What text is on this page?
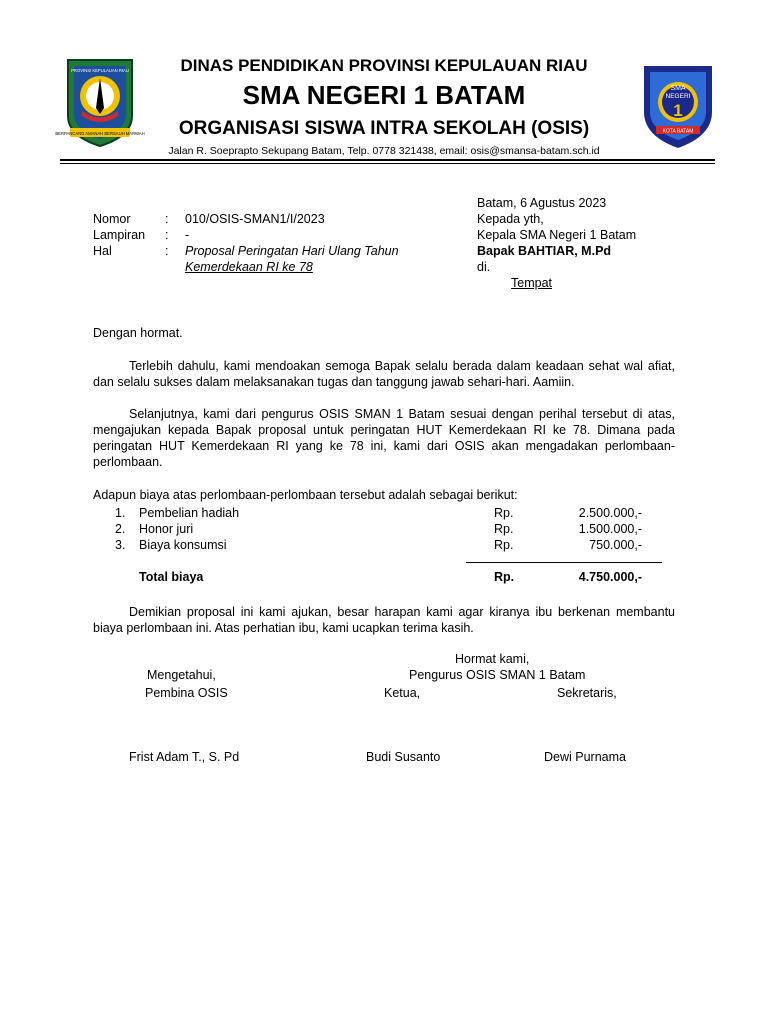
BERPANCANG AMANAH BERSAUH MARWAH
PROVINSI KEPULAUAN RIAU
SMA
NEGERI
1
KOTA BATAM
DINAS PENDIDIKAN PROVINSI KEPULAUAN RIAU
SMA NEGERI 1 BATAM
ORGANISASI SISWA INTRA SEKOLAH (OSIS)
Jalan R. Soeprapto Sekupang Batam, Telp. 0778 321438, email: osis@smansa-batam.sch.id
Batam, 6 Agustus 2023
Nomor	: 010/OSIS-SMAN1/I/2023
Lampiran : -
Hal	: Proposal Peringatan Hari Ulang Tahun
Kemerdekaan RI ke 78
Kepada yth,
Kepala SMA Negeri 1 Batam
Bapak BAHTIAR, M.Pd
di.
Tempat
Dengan hormat.
Terlebih dahulu, kami mendoakan semoga Bapak selalu berada dalam keadaan sehat wal afiat, dan selalu sukses dalam melaksanakan tugas dan tanggung jawab sehari-hari. Aamiin.
Selanjutnya, kami dari pengurus OSIS SMAN 1 Batam sesuai dengan perihal tersebut di atas, mengajukan kepada Bapak proposal untuk peringatan HUT Kemerdekaan RI ke 78. Dimana pada peringatan HUT Kemerdekaan RI yang ke 78 ini, kami dari OSIS akan mengadakan perlombaan-perlombaan.
Adapun biaya atas perlombaan-perlombaan tersebut adalah sebagai berikut:
1. Pembelian hadiah	Rp.	2.500.000,-
2. Honor juri	Rp.	1.500.000,-
3. Biaya konsumsi	Rp.	750.000,-
Total biaya	Rp.	4.750.000,-
Demikian proposal ini kami ajukan, besar harapan kami agar kiranya ibu berkenan membantu biaya perlombaan ini. Atas perhatian ibu, kami ucapkan terima kasih.
Hormat kami,
Mengetahui,	Pengurus OSIS SMAN 1 Batam
Pembina OSIS	Ketua,	Sekretaris,
Frist Adam T., S. Pd	Budi Susanto	Dewi Purnama
